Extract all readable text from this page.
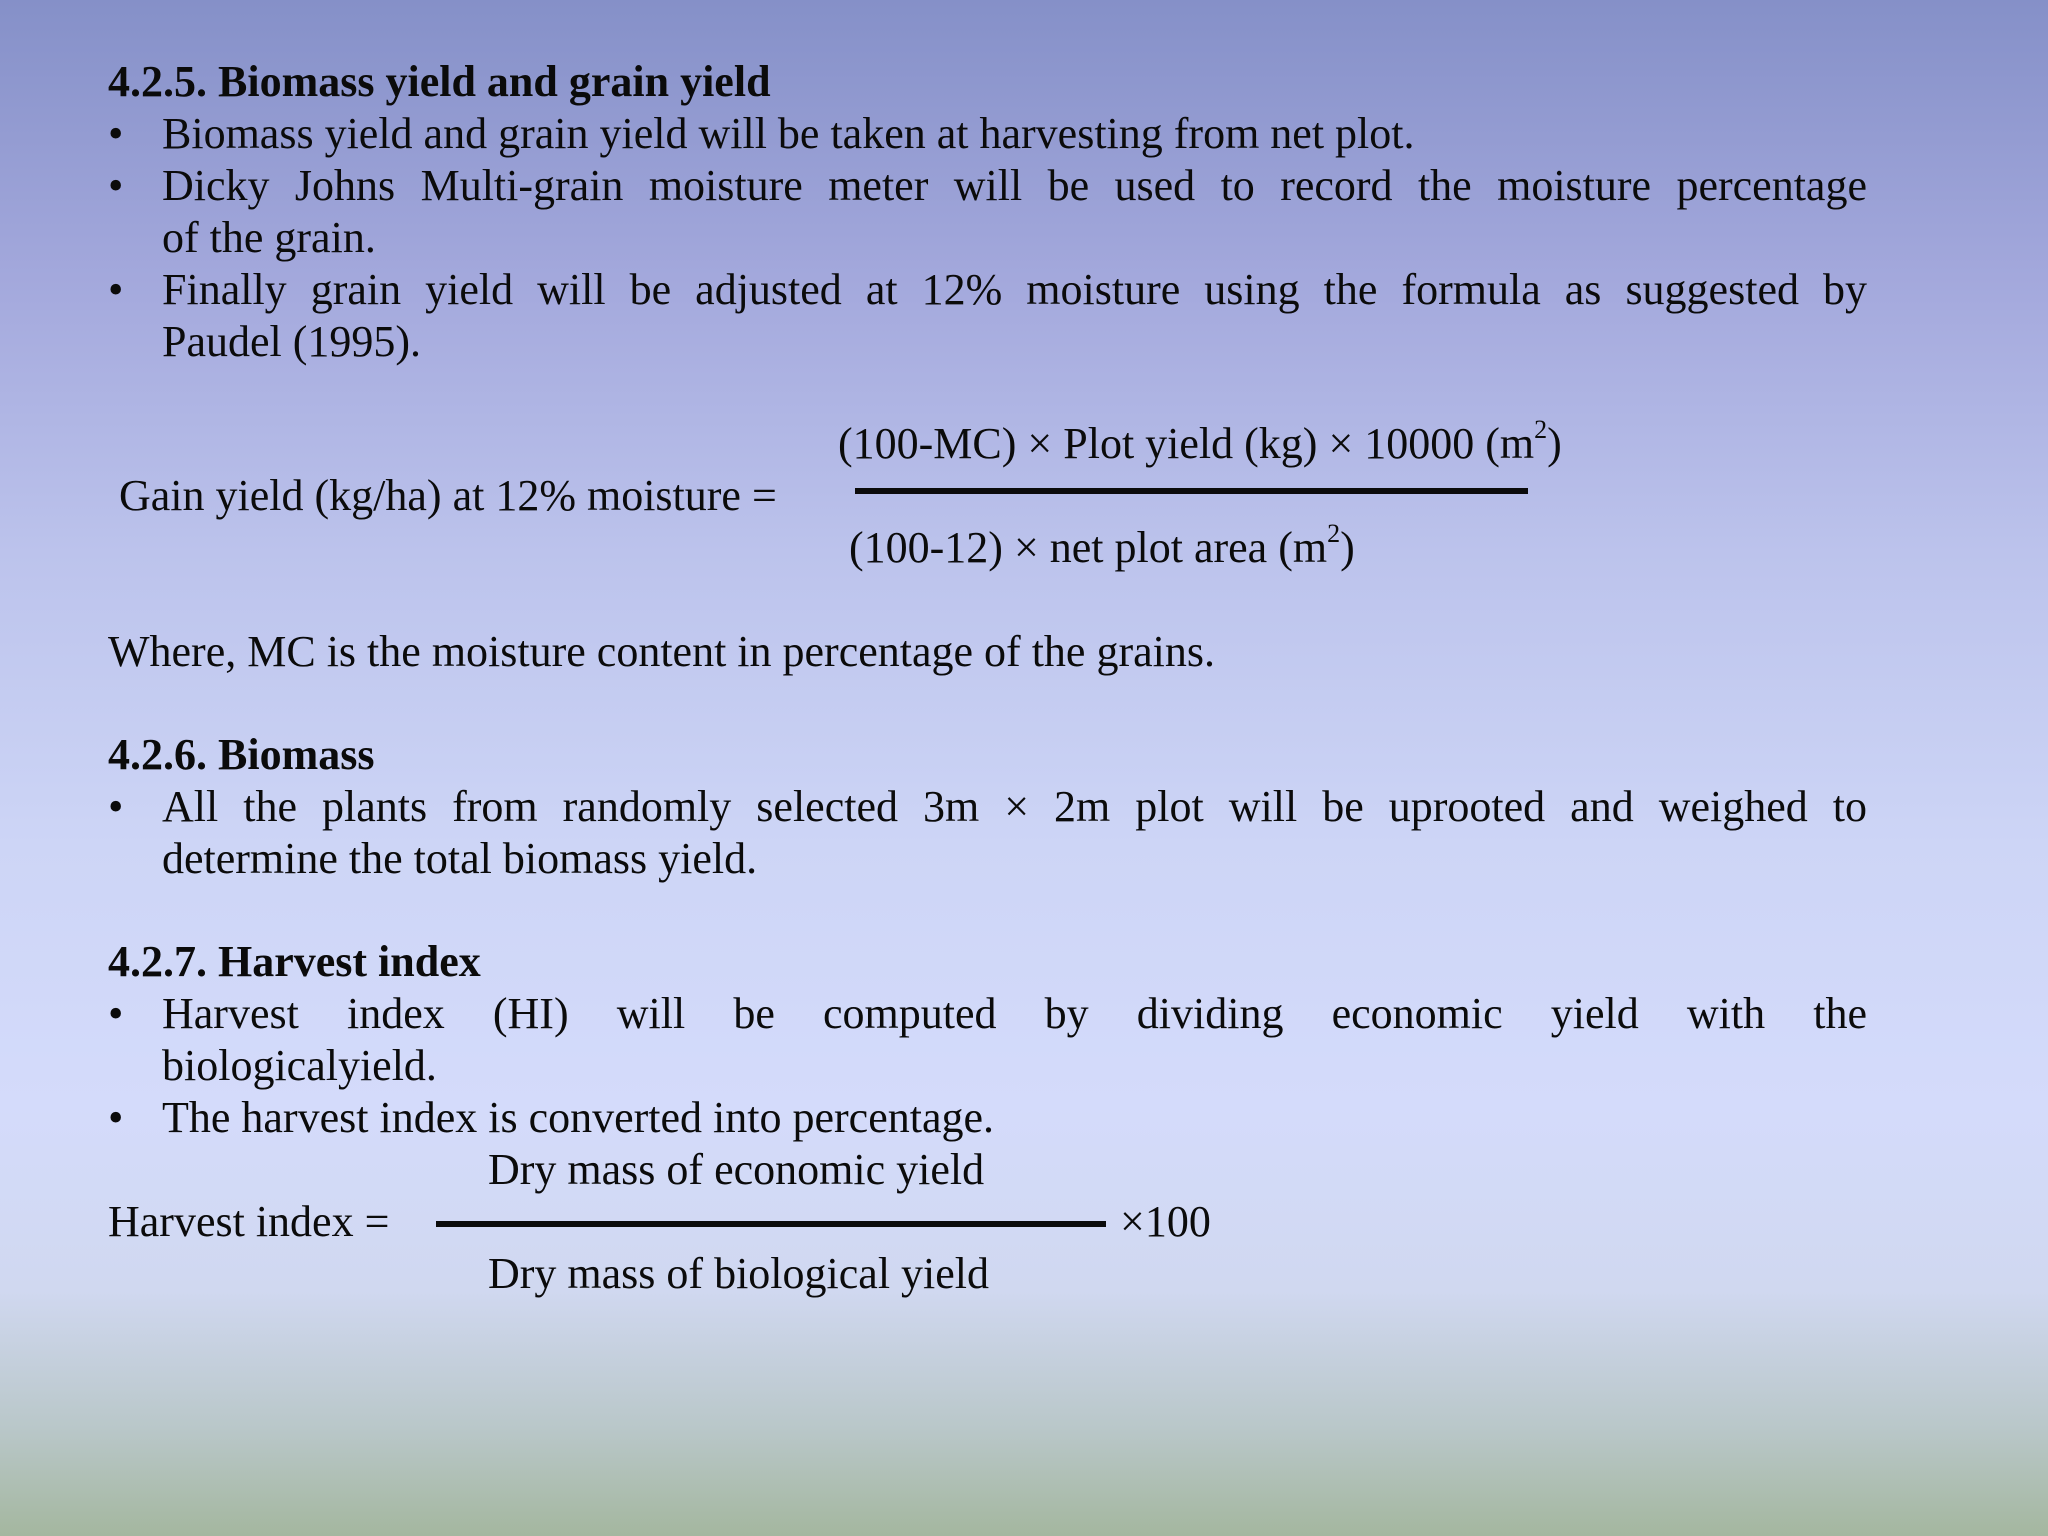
4.2.5. Biomass yield and grain yield
• Biomass yield and grain yield will be taken at harvesting from net plot.
• Dicky Johns Multi-grain moisture meter will be used to record the moisture percentage
of the grain.
• Finally grain yield will be adjusted at 12% moisture using the formula as suggested by
Paudel (1995).
(100-MC) × Plot yield (kg) × 10000 $(m^2)$
Gain yield (kg/ha) at 12% moisture =
(100-12) × net plot area $(m^2)$
Where, MC is the moisture content in percentage of the grains.
4.2.6. Biomass
• All the plants from randomly selected 3m × 2m plot will be uprooted and weighed to
determine the total biomass yield.
4.2.7. Harvest index
• Harvest index (HI) will be computed by dividing economic yield with the
biologicalyield.
• The harvest index is converted into percentage.
Dry mass of economic yield
Harvest index =	×100
Dry mass of biological yield
